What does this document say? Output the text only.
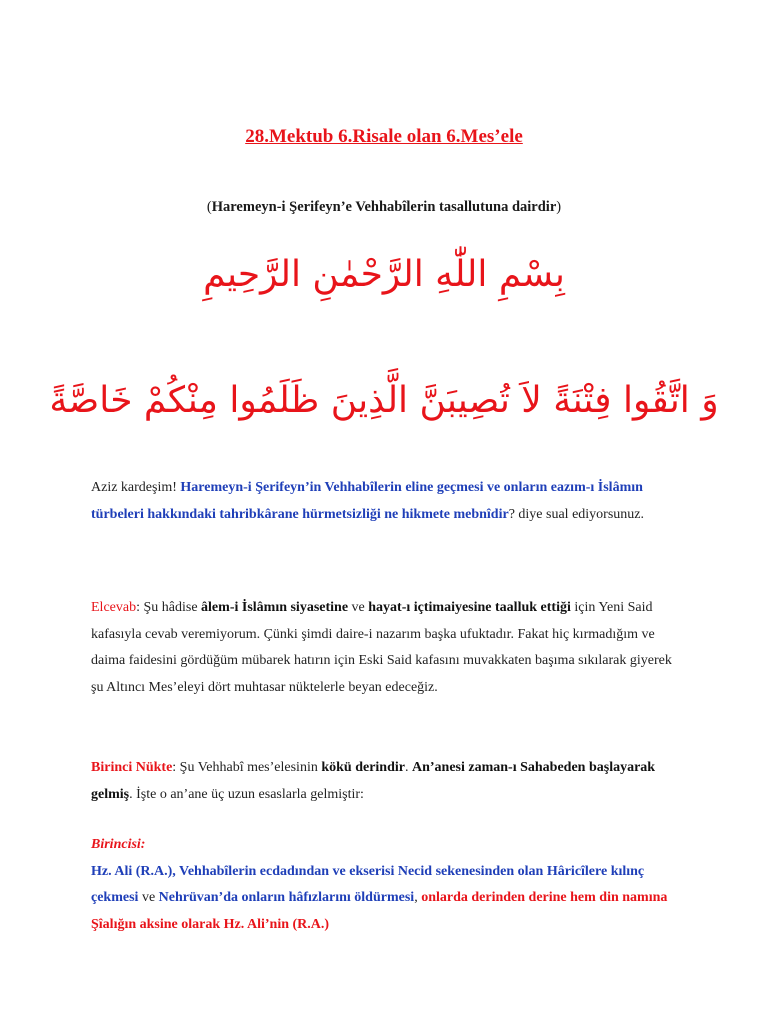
28.Mektub 6.Risale olan 6.Mes’ele
(Haremeyn-i Şerifeyn’e Vehhabîlerin tasallutuna dairdir)
بِسْمِ اللّٰهِ الرَّحْمٰنِ الرَّحِيمِ
وَ اتَّقُوا فِتْنَةً لاَ تُصِيبَنَّ الَّذِينَ ظَلَمُوا مِنْكُمْ خَاصَّةً
Aziz kardeşim! Haremeyn-i Şerifeyn’in Vehhabîlerin eline geçmesi ve onların eazım-ı İslâmın türbeleri hakkındaki tahribkârane hürmetsizliği ne hikmete mebnîdir? diye sual ediyorsunuz.
Elcevab: Şu hâdise âlem-i İslâmın siyasetine ve hayat-ı içtimaiyesine taalluk ettiği için Yeni Said kafasıyla cevab veremiyorum. Çünki şimdi daire-i nazarım başka ufuktadır. Fakat hiç kırmadığım ve daima faidesini gördüğüm mübarek hatırın için Eski Said kafasını muvakkaten başıma sıkılarak giyerek şu Altıncı Mes’eleyi dört muhtasar nüktelerle beyan edeceğiz.
Birinci Nükte: Şu Vehhabî mes’elesinin kökü derindir. An’anesi zaman-ı Sahabeden başlayarak gelmiş. İşte o an’ane üç uzun esaslarla gelmiştir:
Birincisi:
Hz. Ali (R.A.), Vehhabîlerin ecdadından ve ekserisi Necid sekenesinden olan Hâricîlere kılınç çekmesi ve Nehrüvan’da onların hâfızlarını öldürmesi, onlarda derinden derine hem din namına Şîalığın aksine olarak Hz. Ali’nin (R.A.)
